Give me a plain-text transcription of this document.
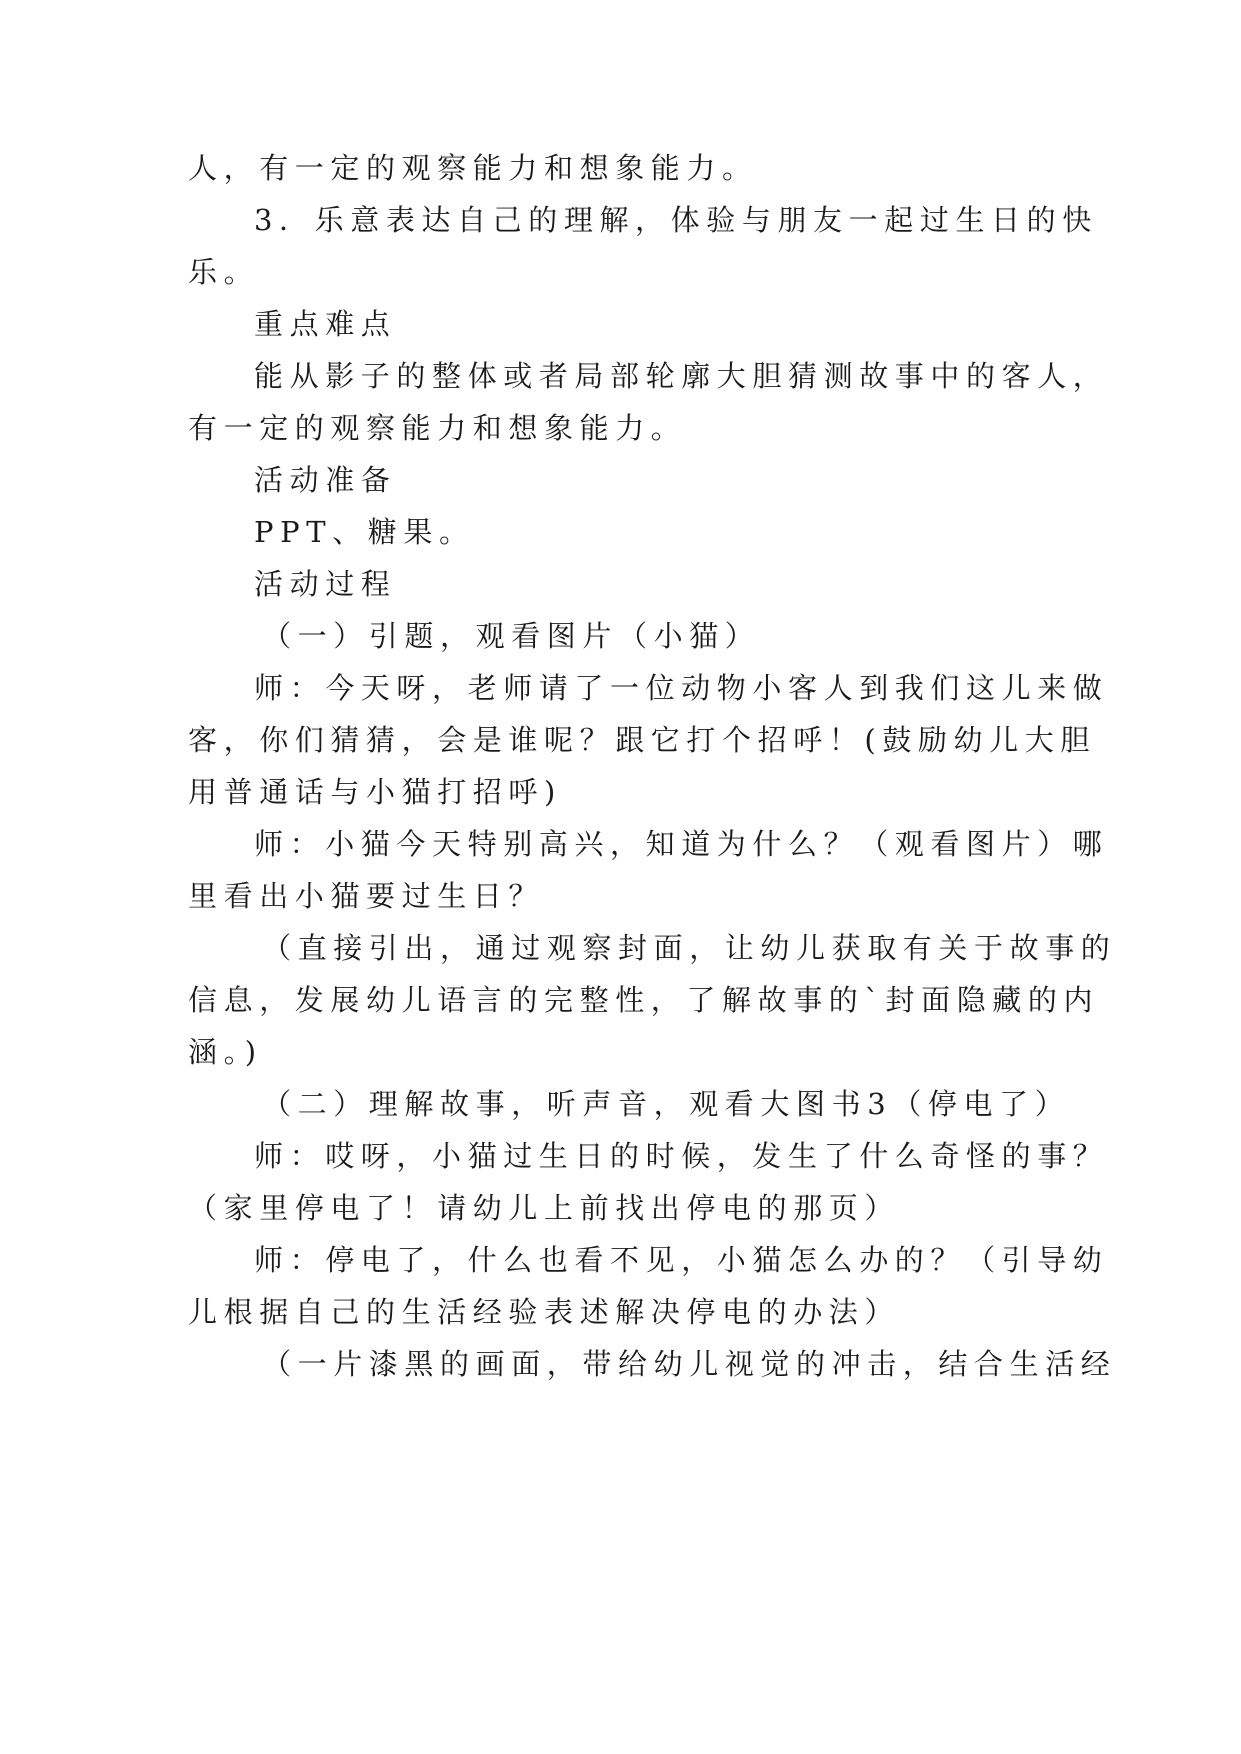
人，有一定的观察能力和想象能力。
3．乐意表达自己的理解，体验与朋友一起过生日的快
乐。
重点难点
能从影子的整体或者局部轮廓大胆猜测故事中的客人，
有一定的观察能力和想象能力。
活动准备
PPT、糖果。
活动过程
（一）引题，观看图片（小猫）
师：今天呀，老师请了一位动物小客人到我们这儿来做
客，你们猜猜，会是谁呢？跟它打个招呼！(鼓励幼儿大胆
用普通话与小猫打招呼)
师：小猫今天特别高兴，知道为什么？（观看图片）哪
里看出小猫要过生日？
（直接引出，通过观察封面，让幼儿获取有关于故事的
信息，发展幼儿语言的完整性，了解故事的`封面隐藏的内
涵。)
（二）理解故事，听声音，观看大图书3（停电了）
师：哎呀，小猫过生日的时候，发生了什么奇怪的事？
（家里停电了！请幼儿上前找出停电的那页）
师：停电了，什么也看不见，小猫怎么办的？（引导幼
儿根据自己的生活经验表述解决停电的办法）
（一片漆黑的画面，带给幼儿视觉的冲击，结合生活经
